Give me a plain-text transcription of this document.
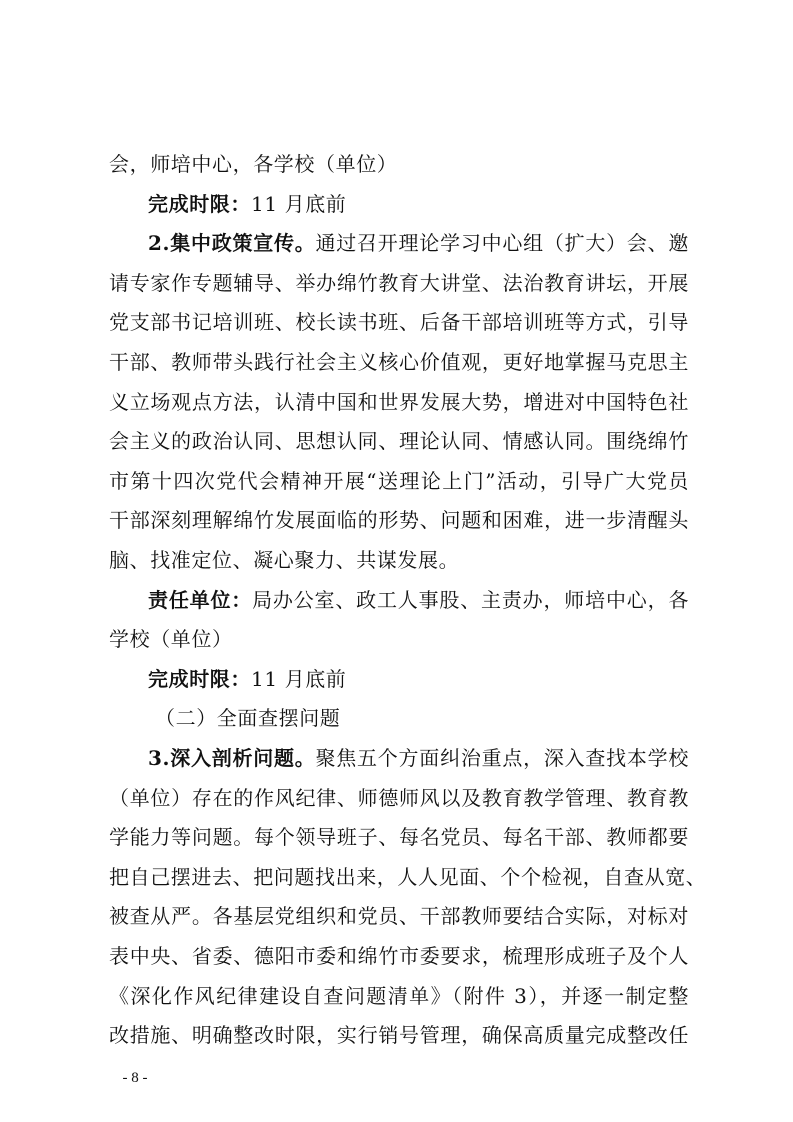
- 8 -
会，师培中心，各学校（单位）
完成时限：11 月底前
2.集中政策宣传。通过召开理论学习中心组（扩大）会、邀
请专家作专题辅导、举办绵竹教育大讲堂、法治教育讲坛，开展
党支部书记培训班、校长读书班、后备干部培训班等方式，引导
干部、教师带头践行社会主义核心价值观，更好地掌握马克思主
义立场观点方法，认清中国和世界发展大势，增进对中国特色社
会主义的政治认同、思想认同、理论认同、情感认同。围绕绵竹
市第十四次党代会精神开展“送理论上门”活动，引导广大党员
干部深刻理解绵竹发展面临的形势、问题和困难，进一步清醒头
脑、找准定位、凝心聚力、共谋发展。
责任单位：局办公室、政工人事股、主责办，师培中心，各
学校（单位）
完成时限：11 月底前
（二）全面查摆问题
3.深入剖析问题。聚焦五个方面纠治重点，深入查找本学校
（单位）存在的作风纪律、师德师风以及教育教学管理、教育教
学能力等问题。每个领导班子、每名党员、每名干部、教师都要
把自己摆进去、把问题找出来，人人见面、个个检视，自查从宽、
被查从严。各基层党组织和党员、干部教师要结合实际，对标对
表中央、省委、德阳市委和绵竹市委要求，梳理形成班子及个人
《深化作风纪律建设自查问题清单》（附件 3），并逐一制定整
改措施、明确整改时限，实行销号管理，确保高质量完成整改任
